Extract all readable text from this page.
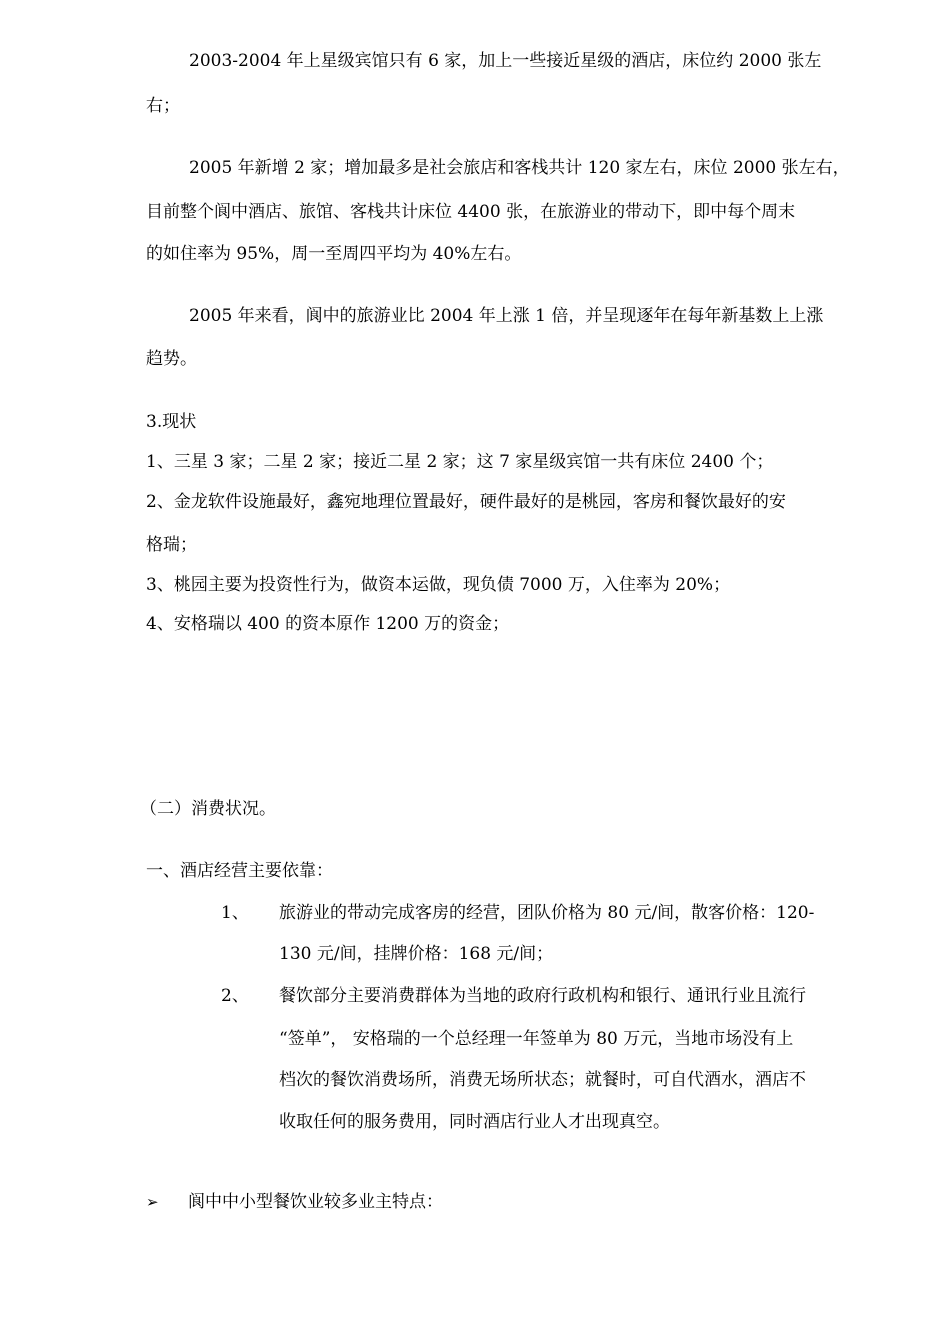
2003-2004 年上星级宾馆只有 6 家，加上一些接近星级的酒店，床位约 2000 张左
右；
2005 年新增 2 家；增加最多是社会旅店和客栈共计 120 家左右，床位 2000 张左右，
目前整个阆中酒店、旅馆、客栈共计床位 4400 张，在旅游业的带动下，即中每个周末
的如住率为 95%，周一至周四平均为 40%左右。
2005 年来看，阆中的旅游业比 2004 年上涨 1 倍，并呈现逐年在每年新基数上上涨
趋势。
3.现状
1、三星 3 家；二星 2 家；接近二星 2 家；这 7 家星级宾馆一共有床位 2400 个；
2、金龙软件设施最好，鑫宛地理位置最好，硬件最好的是桃园，客房和餐饮最好的安
格瑞；
3、桃园主要为投资性行为，做资本运做，现负债 7000 万，入住率为 20%；
4、安格瑞以 400 的资本原作 1200 万的资金；
（二）消费状况。
一、酒店经营主要依靠：
1、 旅游业的带动完成客房的经营，团队价格为 80 元/间，散客价格：120-
130 元/间，挂牌价格：168 元/间；
2、 餐饮部分主要消费群体为当地的政府行政机构和银行、通讯行业且流行
“签单”， 安格瑞的一个总经理一年签单为 80 万元，当地市场没有上
档次的餐饮消费场所，消费无场所状态；就餐时，可自代酒水，酒店不
收取任何的服务费用，同时酒店行业人才出现真空。
➢ 阆中中小型餐饮业较多业主特点：
